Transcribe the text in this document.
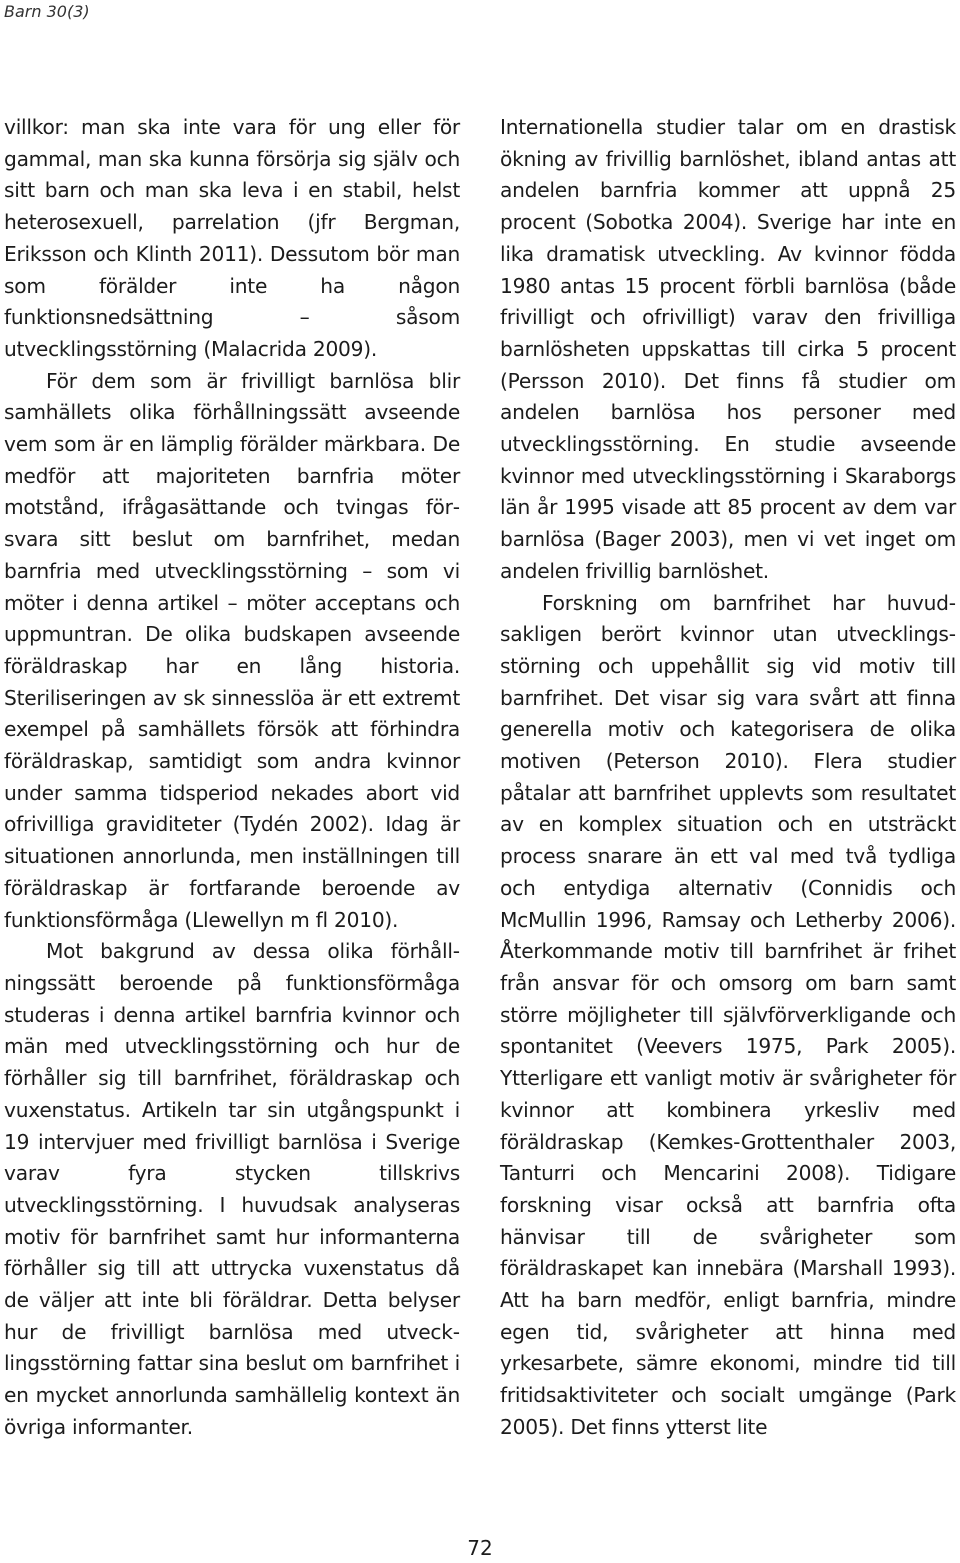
Barn 30(3)

villkor: man ska inte vara för ung eller för gammal, man ska kunna försörja sig själv och sitt barn och man ska leva i en stabil, helst heterosexuell, parrelation (jfr Bergman, Eriksson och Klinth 2011). Dessutom bör man som förälder inte ha någon funktionsnedsättning – såsom utvecklingsstörning (Malacrida 2009).

För dem som är frivilligt barnlösa blir samhällets olika förhållningssätt avseende vem som är en lämplig förälder märkbara. De medför att majoriteten barnfria möter motstånd, ifrågasättande och tvingas försvara sitt beslut om barnfrihet, medan barnfria med utvecklingsstörning – som vi möter i denna artikel – möter acceptans och uppmuntran. De olika budskapen avseende föräldraskap har en lång historia. Steriliseringen av sk sinnesslöa är ett extremt exempel på samhällets försök att förhindra föräldraskap, samtidigt som andra kvinnor under samma tidsperiod nekades abort vid ofrivilliga graviditeter (Tydén 2002). Idag är situationen annorlunda, men inställningen till föräldraskap är fortfarande beroende av funktionsförmåga (Llewellyn m fl 2010).

Mot bakgrund av dessa olika förhållningssätt beroende på funktionsförmåga studeras i denna artikel barnfria kvinnor och män med utvecklingsstörning och hur de förhåller sig till barnfrihet, föräldraskap och vuxenstatus. Artikeln tar sin utgångspunkt i 19 intervjuer med frivilligt barnlösa i Sverige varav fyra stycken tillskrivs utvecklingsstörning. I huvudsak analyseras motiv för barnfrihet samt hur informanterna förhåller sig till att uttrycka vuxenstatus då de väljer att inte bli föräldrar. Detta belyser hur de frivilligt barnlösa med utvecklingsstörning fattar sina beslut om barnfrihet i en mycket annorlunda samhällelig kontext än övriga informanter.

Internationella studier talar om en drastisk ökning av frivillig barnlöshet, ibland antas att andelen barnfria kommer att uppnå 25 procent (Sobotka 2004). Sverige har inte en lika dramatisk utveckling. Av kvinnor födda 1980 antas 15 procent förbli barnlösa (både frivilligt och ofrivilligt) varav den frivilliga barnlösheten uppskattas till cirka 5 procent (Persson 2010). Det finns få studier om andelen barnlösa hos personer med utvecklingsstörning. En studie avseende kvinnor med utvecklingsstörning i Skaraborgs län år 1995 visade att 85 procent av dem var barnlösa (Bager 2003), men vi vet inget om andelen frivillig barnlöshet.

Forskning om barnfrihet har huvudsakligen berört kvinnor utan utvecklingsstörning och uppehållit sig vid motiv till barnfrihet. Det visar sig vara svårt att finna generella motiv och kategorisera de olika motiven (Peterson 2010). Flera studier påtalar att barnfrihet upplevts som resultatet av en komplex situation och en utsträckt process snarare än ett val med två tydliga och entydiga alternativ (Connidis och McMullin 1996, Ramsay och Letherby 2006). Återkommande motiv till barnfrihet är frihet från ansvar för och omsorg om barn samt större möjligheter till självförverkligande och spontanitet (Veevers 1975, Park 2005). Ytterligare ett vanligt motiv är svårigheter för kvinnor att kombinera yrkesliv med föräldraskap (Kemkes-Grottenthaler 2003, Tanturri och Mencarini 2008). Tidigare forskning visar också att barnfria ofta hänvisar till de svårigheter som föräldraskapet kan innebära (Marshall 1993). Att ha barn medför, enligt barnfria, mindre egen tid, svårigheter att hinna med yrkesarbete, sämre ekonomi, mindre tid till fritidsaktiviteter och socialt umgänge (Park 2005). Det finns ytterst lite

72
